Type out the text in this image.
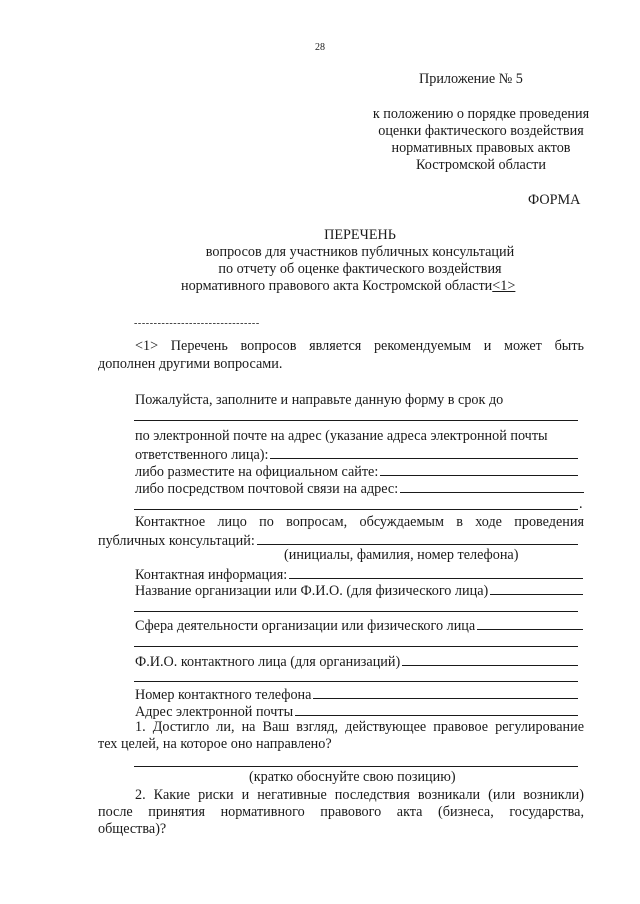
28
Приложение № 5
к положению о порядке проведения
оценки фактического воздействия
нормативных правовых актов
Костромской области
ФОРМА
ПЕРЕЧЕНЬ
вопросов для участников публичных консультаций
по отчету об оценке фактического воздействия
нормативного правового акта Костромской области<1>
--------------------------------
<1> Перечень вопросов является рекомендуемым и может быть
дополнен другими вопросами.
Пожалуйста, заполните и направьте данную форму в срок до
по электронной почте на адрес (указание адреса электронной почты
ответственного лица):
либо разместите на официальном сайте:
либо посредством почтовой связи на адрес:
.
Контактное лицо по вопросам, обсуждаемым в ходе проведения
публичных консультаций:
(инициалы, фамилия, номер телефона)
Контактная информация:
Название организации или Ф.И.О. (для физического лица)
Сфера деятельности организации или физического лица
Ф.И.О. контактного лица (для организаций)
Номер контактного телефона
Адрес электронной почты
1. Достигло ли, на Ваш взгляд, действующее правовое регулирование
тех целей, на которое оно направлено?
(кратко обоснуйте свою позицию)
2. Какие риски и негативные последствия возникали (или возникли)
после принятия нормативного правового акта (бизнеса, государства,
общества)?
